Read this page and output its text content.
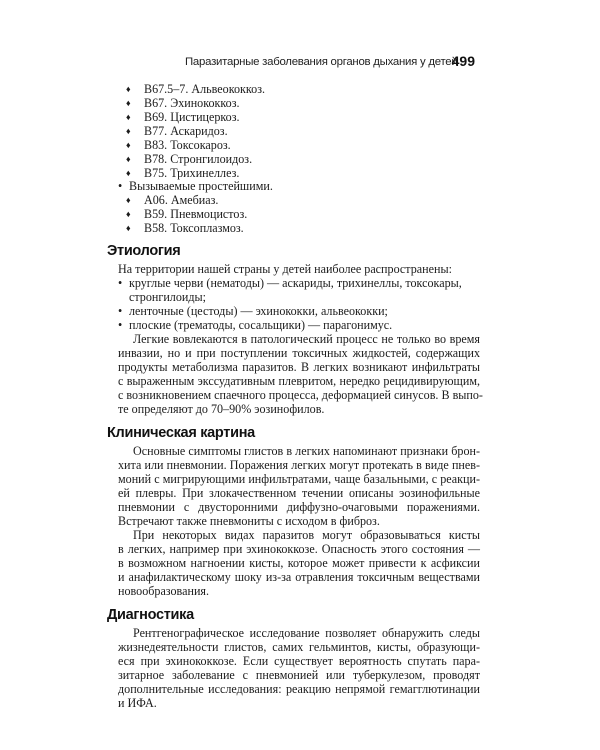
Паразитарные заболевания органов дыхания у детей
499
♦ B67.5–7. Альвеококкоз.
♦ B67. Эхинококкоз.
♦ B69. Цистицеркоз.
♦ B77. Аскаридоз.
♦ B83. Токсокароз.
♦ B78. Стронгилоидоз.
♦ B75. Трихинеллез.
• Вызываемые простейшими.
♦ A06. Амебиаз.
♦ B59. Пневмоцистоз.
♦ B58. Токсоплазмоз.
Этиология
На территории нашей страны у детей наиболее распространены:
• круглые черви (нематоды) — аскариды, трихинеллы, токсокары,
стронгилоиды;
• ленточные (цестоды) — эхинококки, альвеококки;
• плоские (трематоды, сосальщики) — парагонимус.
Легкие вовлекаются в патологический процесс не только во время
инвазии, но и при поступлении токсичных жидкостей, содержащих
продукты метаболизма паразитов. В легких возникают инфильтраты
с выраженным экссудативным плевритом, нередко рецидивирующим,
с возникновением спаечного процесса, деформацией синусов. В выпо-
те определяют до 70–90% эозинофилов.
Клиническая картина
Основные симптомы глистов в легких напоминают признаки брон-
хита или пневмонии. Поражения легких могут протекать в виде пнев-
моний с мигрирующими инфильтратами, чаще базальными, с реакци-
ей плевры. При злокачественном течении описаны эозинофильные
пневмонии с двусторонними диффузно-очаговыми поражениями.
Встречают также пневмониты с исходом в фиброз.
При некоторых видах паразитов могут образовываться кисты
в легких, например при эхинококкозе. Опасность этого состояния —
в возможном нагноении кисты, которое может привести к асфиксии
и анафилактическому шоку из-за отравления токсичным веществами
новообразования.
Диагностика
Рентгенографическое исследование позволяет обнаружить следы
жизнедеятельности глистов, самих гельминтов, кисты, образующи-
еся при эхинококкозе. Если существует вероятность спутать пара-
зитарное заболевание с пневмонией или туберкулезом, проводят
дополнительные исследования: реакцию непрямой гемагглютинации
и ИФА.
